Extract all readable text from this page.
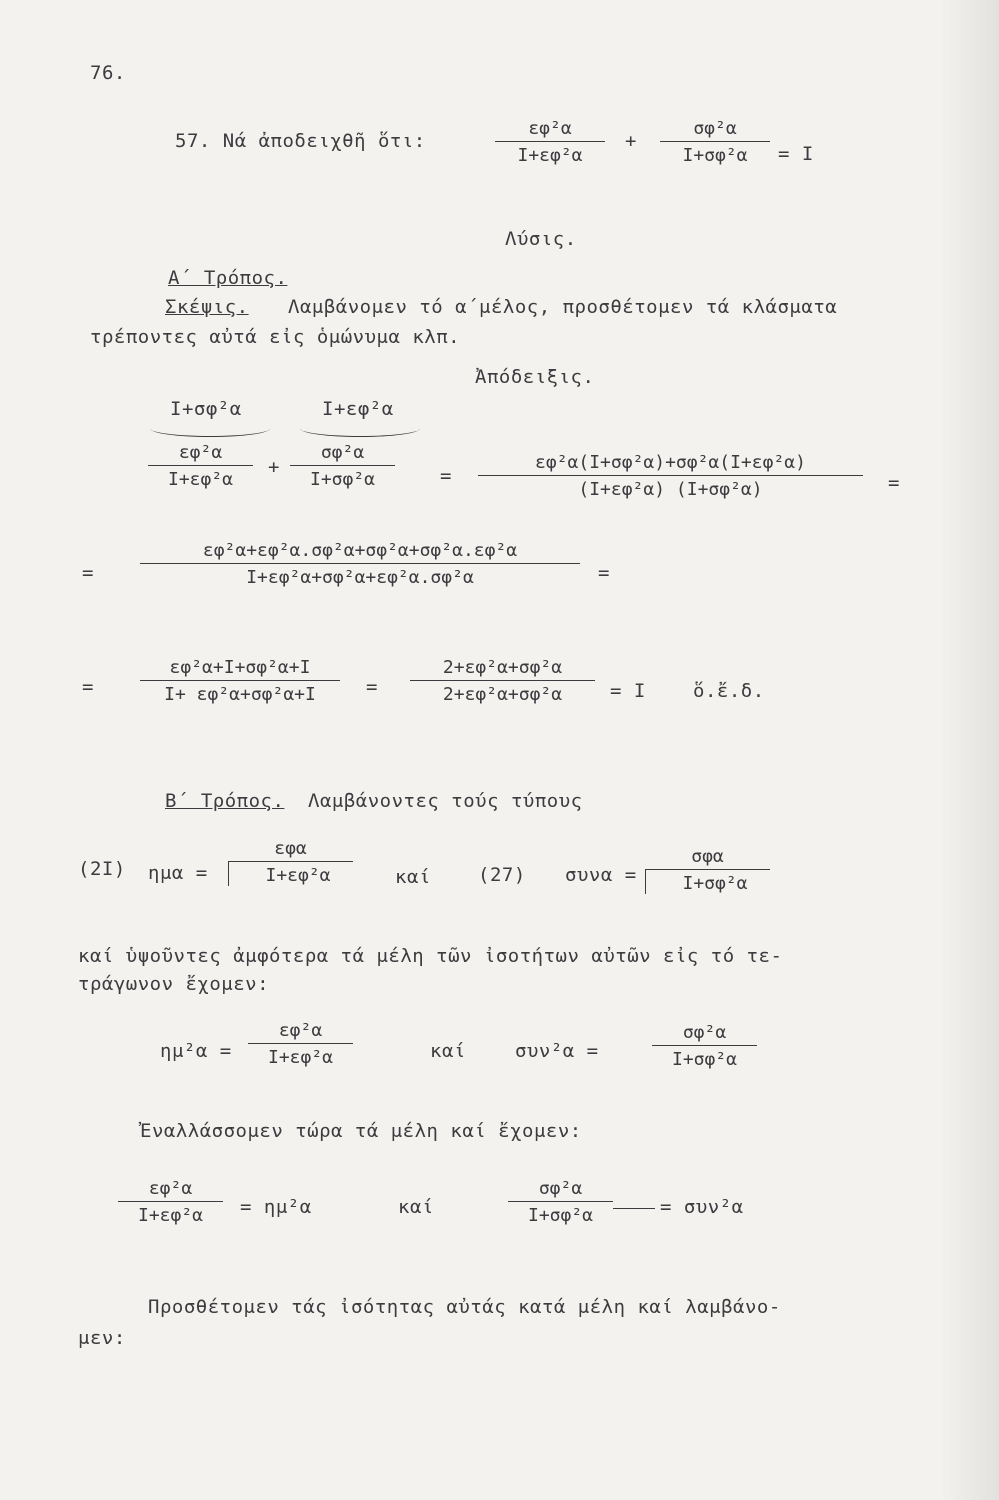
76.
57. Νά ἀποδειχθῆ ὅτι:
εφ²α
Ι+εφ²α
+
σφ²α
Ι+σφ²α	= Ι
Λύσις.
Α΄ Τρόπος.
Σκέψις. Λαμβάνομεν τό α΄μέλος, προσθέτομεν τά κλάσματα
τρέποντες αὐτά εἰς ὁμώνυμα κλπ.
Ἀπόδειξις.
Ι+σφ²α	Ι+εφ²α
εφ²α
Ι+εφ²α
+
σφ²α
Ι+σφ²α	=
εφ²α(Ι+σφ²α)+σφ²α(Ι+εφ²α)
(Ι+εφ²α) (Ι+σφ²α)	=
=
εφ²α+εφ²α.σφ²α+σφ²α+σφ²α.εφ²α
Ι+εφ²α+σφ²α+εφ²α.σφ²α	=
=
εφ²α+Ι+σφ²α+Ι
Ι+ εφ²α+σφ²α+Ι	=
2+εφ²α+σφ²α
2+εφ²α+σφ²α	= Ι ὅ.ἔ.δ.
Β΄ Τρόπος. Λαμβάνοντες τούς τύπους
(2Ι) ημα =
εφα
Ι+εφ²α	καί (27) συνα =
σφα
Ι+σφ²α
καί ὑψοῦντες ἀμφότερα τά μέλη τῶν ἰσοτήτων αὐτῶν εἰς τό τε-
τράγωνον ἔχομεν:
ημ²α =
εφ²α
Ι+εφ²α	καί	συν²α =
σφ²α
Ι+σφ²α
Ἐναλλάσσομεν τώρα τά μέλη καί ἔχομεν:
εφ²α
Ι+εφ²α	= ημ²α	καί
σφ²α
Ι+σφ²α	= συν²α
Προσθέτομεν τάς ἰσότητας αὐτάς κατά μέλη καί λαμβάνο-
μεν:
